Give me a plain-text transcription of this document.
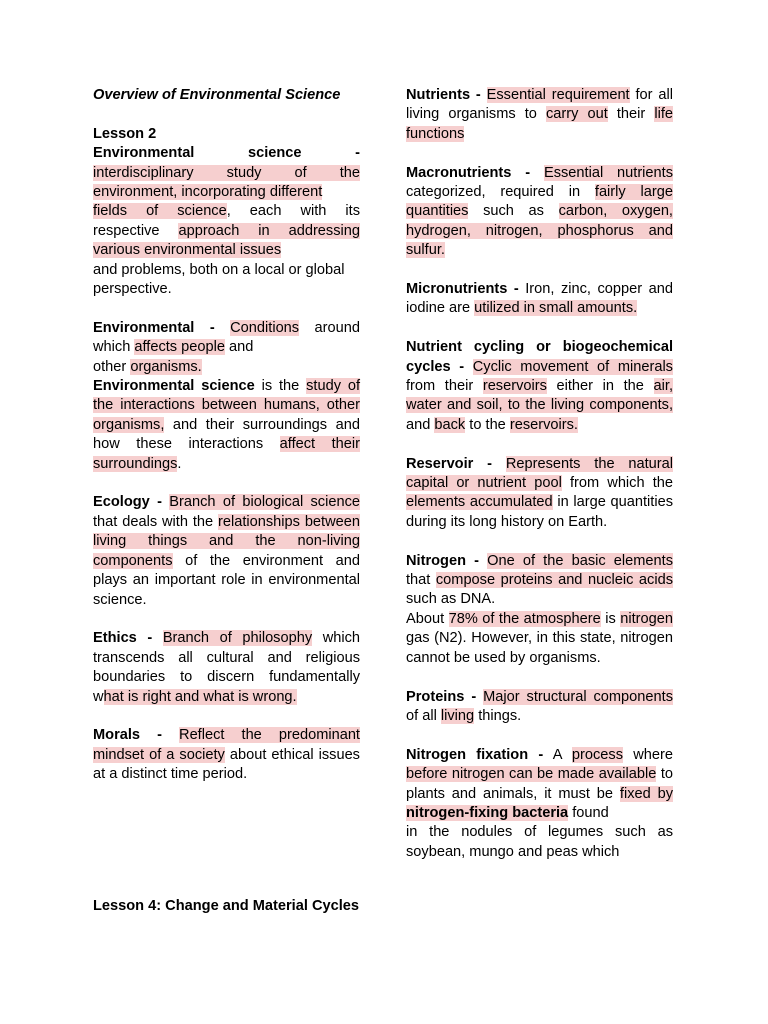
Overview of Environmental Science
Lesson 2
Environmental science -
interdisciplinary study of the
environment, incorporating different
fields of science, each with its
respective approach in addressing
various environmental issues
and problems, both on a local or global
perspective.
Environmental - Conditions around
which affects people and
other organisms.
Environmental science is the study of the interactions between humans, other organisms, and their surroundings and how these interactions affect their surroundings.
Ecology - Branch of biological science that deals with the relationships between living things and the non-living components of the environment and plays an important role in environmental science.
Ethics - Branch of philosophy which transcends all cultural and religious boundaries to discern fundamentally what is right and what is wrong.
Morals - Reflect the predominant mindset of a society about ethical issues at a distinct time period.
Lesson 4: Change and Material Cycles
Nutrients - Essential requirement for all living organisms to carry out their life functions
Macronutrients - Essential nutrients categorized, required in fairly large quantities such as carbon, oxygen, hydrogen, nitrogen, phosphorus and sulfur.
Micronutrients - Iron, zinc, copper and iodine are utilized in small amounts.
Nutrient cycling or biogeochemical cycles - Cyclic movement of minerals from their reservoirs either in the air, water and soil, to the living components, and back to the reservoirs.
Reservoir - Represents the natural capital or nutrient pool from which the elements accumulated in large quantities during its long history on Earth.
Nitrogen - One of the basic elements that compose proteins and nucleic acids such as DNA.
About 78% of the atmosphere is nitrogen gas (N2). However, in this state, nitrogen cannot be used by organisms.
Proteins - Major structural components of all living things.
Nitrogen fixation - A process where before nitrogen can be made available to plants and animals, it must be fixed by nitrogen-fixing bacteria found
in the nodules of legumes such as soybean, mungo and peas which
